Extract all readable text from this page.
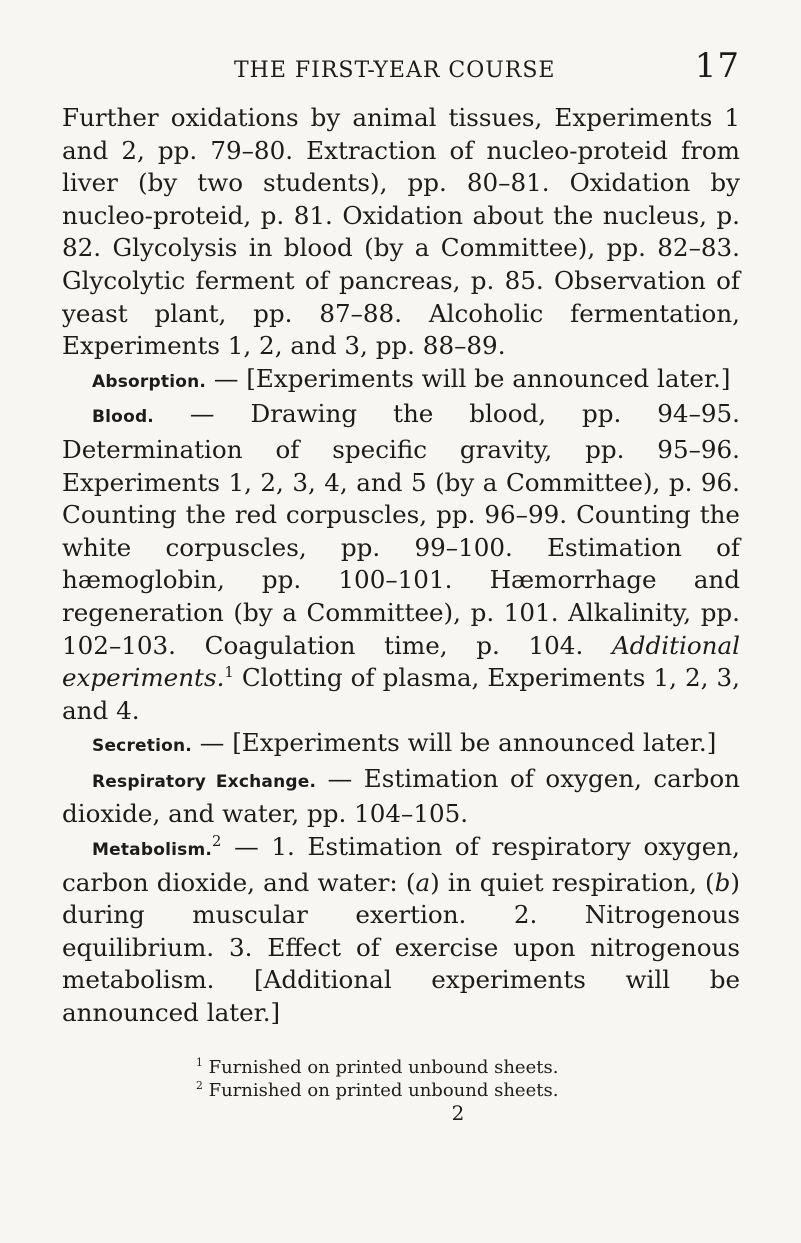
THE FIRST-YEAR COURSE	17

Further oxidations by animal tissues, Experiments 1 and 2, pp. 79–80. Extraction of nucleo-proteid from liver (by two students), pp. 80–81. Oxidation by nucleo-proteid, p. 81. Oxidation about the nucleus, p. 82. Glycolysis in blood (by a Committee), pp. 82–83. Glycolytic ferment of pancreas, p. 85. Observation of yeast plant, pp. 87–88. Alcoholic fermentation, Experiments 1, 2, and 3, pp. 88–89.

Absorption. — [Experiments will be announced later.]

Blood. — Drawing the blood, pp. 94–95. Determination of specific gravity, pp. 95–96. Experiments 1, 2, 3, 4, and 5 (by a Committee), p. 96. Counting the red corpuscles, pp. 96–99. Counting the white corpuscles, pp. 99–100. Estimation of hæmoglobin, pp. 100–101. Hæmorrhage and regeneration (by a Committee), p. 101. Alkalinity, pp. 102–103. Coagulation time, p. 104. Additional experiments.$^1$ Clotting of plasma, Experiments 1, 2, 3, and 4.

Secretion. — [Experiments will be announced later.]

Respiratory Exchange. — Estimation of oxygen, carbon dioxide, and water, pp. 104–105.

Metabolism.$^2$ — 1. Estimation of respiratory oxygen, carbon dioxide, and water: (a) in quiet respiration, (b) during muscular exertion. 2. Nitrogenous equilibrium. 3. Effect of exercise upon nitrogenous metabolism. [Additional experiments will be announced later.]

$^1$ Furnished on printed unbound sheets.
$^2$ Furnished on printed unbound sheets.
2
